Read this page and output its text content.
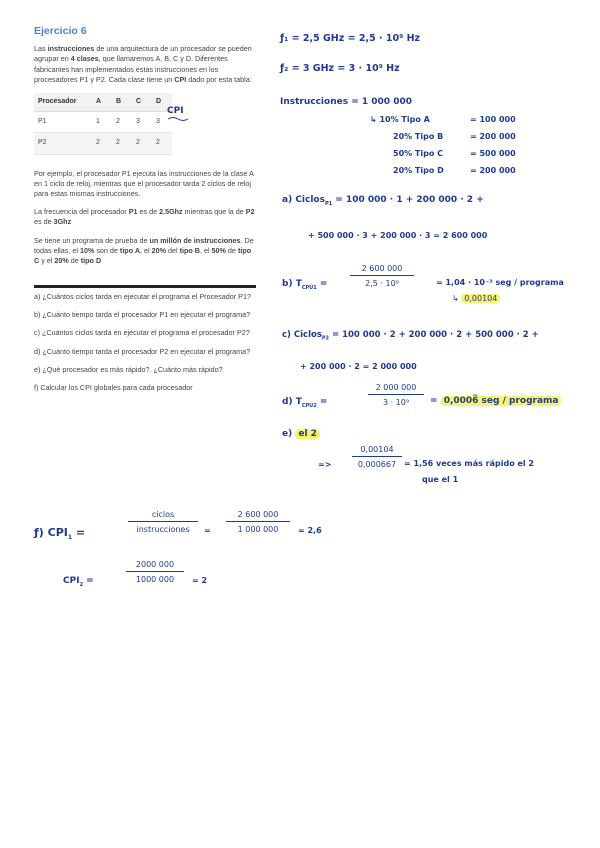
Ejercicio 6

Las instrucciones de una arquitectura de un procesador se pueden agrupar en 4 clases, que llamaremos A, B, C y D. Diferentes fabricantes han implementados estas instrucciones en los procesadores P1 y P2. Cada clase tiene un CPI dado por esta tabla:

Procesador	A	B	C	D
P1	1	2	3	3
P2	2	2	2	2

Por ejemplo, el procesador P1 ejecuta las instrucciones de la clase A en 1 ciclo de reloj, mientras que el procesador tarda 2 ciclos de reloj para estas mismas instrucciones.

La frecuencia del procesador P1 es de 2.5Ghz mientras que la de P2 es de 3Ghz

Se tiene un programa de prueba de un millón de instrucciones. De todas ellas, el 10% son de tipo A, el 20% del tipo B, el 50% de tipo C y el 20% de tipo D

a) ¿Cuántos ciclos tarda en ejecutar el programa el Procesador P1?
b) ¿Cuánto tiempo tarda el procesador P1 en ejecutar el programa?
c) ¿Cuántos ciclos tarda en ejecutar el programa el procesador P2?
d) ¿Cuánto tiempo tarda el procesador P2 en ejecutar el programa?
e) ¿Qué procesador es más rápido?. ¿Cuánto más rápido?
f) Calcular los CPI globales para cada procesador
CPI
ƒ₁ = 2,5 GHz = 2,5 · 10⁹ Hz
ƒ₂ = 3 GHz = 3 · 10⁹ Hz
Instrucciones = 1 000 000
↳ 10% Tipo A	= 100 000
20% Tipo B	= 200 000
50% Tipo C	= 500 000
20% Tipo D	= 200 000
a) Ciclos$_{P1}$ = 100 000 · 1 + 200 000 · 2 +
+ 500 000 · 3 + 200 000 · 3 = 2 600 000
b) $T_{CPU1}$ =	$\frac{2 600 000}{\text{2,5 · 10⁹}}$	= 1,04 · 10⁻³ seg / programa
↳ 0,00104
c) Ciclos$_{P2}$ = 100 000 · 2 + 200 000 · 2 + 500 000 · 2 +
+ 200 000 · 2 = 2 000 000
d) $T_{CPU2}$ =	$\frac{2 000 000}{\text{3 · 10⁹}}$ = 0,0006̅ seg / programa
e) el 2
=>	$\frac{0,00104}{0,000667} = 1,56$ veces más rápido el 2
que el 1
ƒ) $CPI_1$ =
ciclos
instrucciones	= $\frac{2 600 000}{1 000 000} = 2,6$
$CPI_2$ =	$\frac{2000 000}{1000 000} = 2$
